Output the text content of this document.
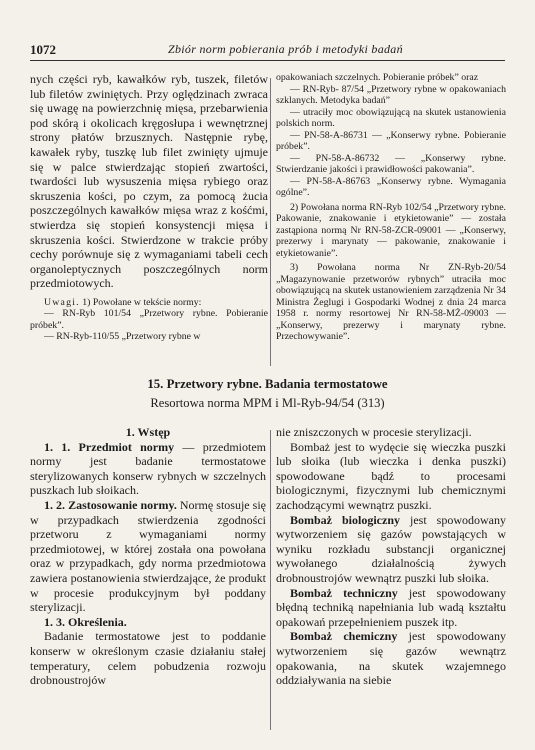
1072	Zbiór norm pobierania prób i metodyki badań

nych części ryb, kawałków ryb, tuszek, filetów lub filetów zwiniętych. Przy oględzinach zwraca się uwagę na powierzchnię mięsa, przebarwienia pod skórą i okolicach kręgosłupa i wewnętrznej strony płatów brzusznych. Następnie rybę, kawałek ryby, tuszkę lub filet zwinięty ujmuje się w palce stwierdzając stopień zwartości, twardości lub wysuszenia mięsa rybiego oraz skruszenia kości, po czym, za pomocą żucia poszczególnych kawałków mięsa wraz z kośćmi, stwierdza się stopień konsystencji mięsa i skruszenia kości. Stwierdzone w trakcie próby cechy porównuje się z wymaganiami tabeli cech organoleptycznych poszczególnych norm przedmiotowych.

Uwagi. 1) Powołane w tekście normy:

— RN-Ryb 101/54 „Przetwory rybne. Pobieranie próbek”.

— RN-Ryb-110/55 „Przetwory rybne w

opakowaniach szczelnych. Pobieranie próbek” oraz

— RN-Ryb- 87/54 „Przetwory rybne w opakowaniach szklanych. Metodyka badań”

— utraciły moc obowiązującą na skutek ustanowienia polskich norm.

— PN-58-A-86731 — „Konserwy rybne. Pobieranie próbek”.

— PN-58-A-86732 — „Konserwy rybne. Stwierdzanie jakości i prawidłowości pakowania”.

— PN-58-A-86763 „Konserwy rybne. Wymagania ogólne”.

2) Powołana norma RN-Ryb 102/54 „Przetwory rybne. Pakowanie, znakowanie i etykietowanie” — została zastąpiona normą Nr RN-58-ZCR-09001 — „Konserwy, prezerwy i marynaty — pakowanie, znakowanie i etykietowanie”.

3) Powołana norma Nr ZN-Ryb-20/54 „Magazynowanie przetworów rybnych” utraciła moc obowiązującą na skutek ustanowieniem zarządzenia Nr 34 Ministra Żeglugi i Gospodarki Wodnej z dnia 24 marca 1958 r. normy resortowej Nr RN-58-MŻ-09003 — „Konserwy, prezerwy i marynaty rybne. Przechowywanie”.

15. Przetwory rybne. Badania termostatowe
Resortowa norma MPM i Ml-Ryb-94/54 (313)

1. Wstęp

1. 1. Przedmiot normy — przedmiotem normy jest badanie termostatowe sterylizowanych konserw rybnych w szczelnych puszkach lub słoikach.

1. 2. Zastosowanie normy. Normę stosuje się w przypadkach stwierdzenia zgodności przetworu z wymaganiami normy przedmiotowej, w której została ona powołana oraz w przypadkach, gdy norma przedmiotowa zawiera postanowienia stwierdzające, że produkt w procesie produkcyjnym był poddany sterylizacji.

1. 3. Określenia.

Badanie termostatowe jest to poddanie konserw w określonym czasie działaniu stałej temperatury, celem pobudzenia rozwoju drobnoustrojów

nie zniszczonych w procesie sterylizacji.

Bombaż jest to wydęcie się wieczka puszki lub słoika (lub wieczka i denka puszki) spowodowane bądź to procesami biologicznymi, fizycznymi lub chemicznymi zachodzącymi wewnątrz puszki.

Bombaż biologiczny jest spowodowany wytworzeniem się gazów powstających w wyniku rozkładu substancji organicznej wywołanego działalnością żywych drobnoustrojów wewnątrz puszki lub słoika.

Bombaż techniczny jest spowodowany błędną techniką napełniania lub wadą kształtu opakowań przepełnieniem puszek itp.

Bombaż chemiczny jest spowodowany wytworzeniem się gazów wewnątrz opakowania, na skutek wzajemnego oddziaływania na siebie
